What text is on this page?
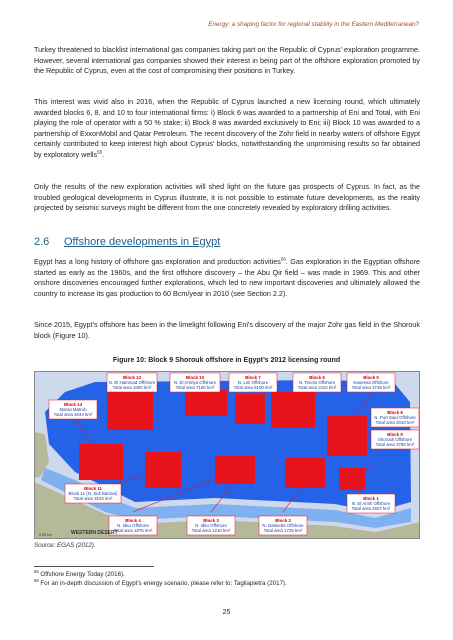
Energy: a shaping factor for regional stability in the Eastern Mediterranean?

Turkey threatened to blacklist international gas companies taking part on the Republic of Cyprus’ exploration programme. However, several international gas companies showed their interest in being part of the offshore exploration promoted by the Republic of Cyprus, even at the cost of compromising their positions in Turkey.

This interest was vivid also in 2016, when the Republic of Cyprus launched a new licensing round, which ultimately awarded blocks 6, 8, and 10 to four international firms: i) Block 6 was awarded to a partnership of Eni and Total, with Eni playing the role of operator with a 50 % stake; ii) Block 8 was awarded exclusively to Eni; iii) Block 10 was awarded to a partnership of ExxonMobil and Qatar Petroleum. The recent discovery of the Zohr field in nearby waters of offshore Egypt certainly contributed to keep interest high about Cyprus’ blocks, notwithstanding the unpromising results so far obtained by exploratory wells$^{55}$.

Only the results of the new exploration activities will shed light on the future gas prospects of Cyprus. In fact, as the troubled geological developments in Cyprus illustrate, it is not possible to estimate future developments, as the reality projected by seismic surveys might be different from the one concretely revealed by exploratory drilling activities.

2.6 Offshore developments in Egypt

Egypt has a long history of offshore gas exploration and production activities$^{56}$. Gas exploration in the Egyptian offshore started as early as the 1960s, and the first offshore discovery – the Abu Qir field – was made in 1969. This and other onshore discoveries encouraged further explorations, which led to new important discoveries and ultimately allowed the country to increase its gas production to 60 Bcm/year in 2010 (see Section 2.2).

Since 2015, Egypt’s offshore has been in the limelight following Eni’s discovery of the major Zohr gas field in the Shorouk block (Figure 10).

Figure 10: Block 9 Shorouk offshore in Egypt’s 2012 licensing round
Block 12
N. El Hammad Offshore
Total area 3450 km²
Block 10
N. El Amriya Offshore
Total area 7150 km²
Block 7
N. Leil Offshore
Total area 5100 km²
Block 6
N. Tennis Offshore
Total area 3110 km²
Block 5
Kaneesa Offshore
Total area 3745 km²
Block 14
Marsa Matruh
Total area 4044 km²	Block 8
N. Port Said Offshore
Total area 2010 km²
Block 9
Shorouk Offshore
Total area 3750 km²
Block 11
Block 11 (N. Sidi Barrani)
Total area 3103 km²
Block 4
N. Idku Offshore
Total area 1875 km²
Block 3
N. Idku Offshore
Total area 1210 km²
Block 2
N. Damietta Offshore
Total area 1725 km²
Block 1
N. El Arish Offshore
Total area 2507 km²
WESTERN DESERT
0 50 km
Source: EGAS (2012).
$^{55}$ Offshore Energy Today (2016).
$^{56}$ For an in-depth discussion of Egypt’s energy scenario, please refer to: Tagliapietra (2017).
25
